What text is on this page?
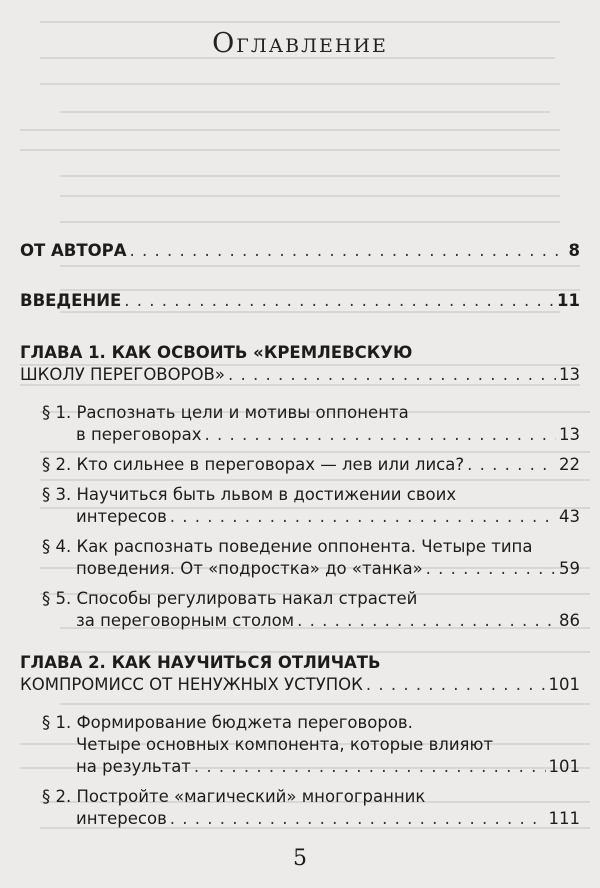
Оглавление
ОТ АВТОРА . . .	8
ВВЕДЕНИЕ . . .	11
ГЛАВА 1. КАК ОСВОИТЬ «КРЕМЛЕВСКУЮ
ШКОЛУ ПЕРЕГОВОРОВ» . . .	13
§ 1. Распознать цели и мотивы оппонента
в переговорах . . .	13
§ 2. Кто сильнее в переговорах — лев или лиса? . . .	22
§ 3. Научиться быть львом в достижении своих
интересов . . .	43
§ 4. Как распознать поведение оппонента. Четыре типа
поведения. От «подростка» до «танка» . . .	59
§ 5. Способы регулировать накал страстей
за переговорным столом . . .	86
ГЛАВА 2. КАК НАУЧИТЬСЯ ОТЛИЧАТЬ
КОМПРОМИСС ОТ НЕНУЖНЫХ УСТУПОК . . .	101
§ 1. Формирование бюджета переговоров.
Четыре основных компонента, которые влияют
на результат . . .	101
§ 2. Постройте «магический» многогранник
интересов . . .	111
5
